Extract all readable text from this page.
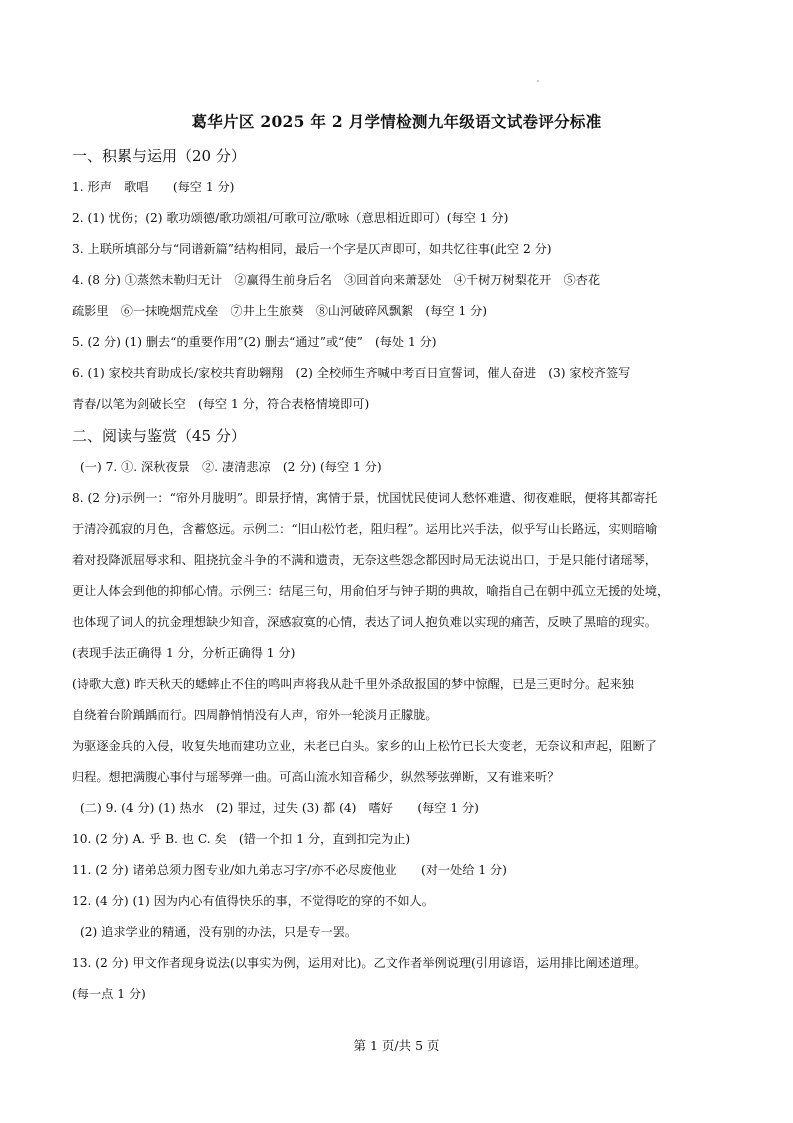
葛华片区 2025 年 2 月学情检测九年级语文试卷评分标准
一、积累与运用（20 分）
1. 形声　歌唱　　(每空 1 分)
2. (1) 忧伤；(2) 歌功颂德/歌功颂祖/可歌可泣/歌咏（意思相近即可）(每空 1 分)
3. 上联所填部分与“同谱新篇”结构相同，最后一个字是仄声即可，如共忆往事(此空 2 分)
4. (8 分) ①蒸然未勒归无计　②赢得生前身后名　③回首向来萧瑟处　④千树万树梨花开　⑤杏花
疏影里　⑥一抹晚烟荒戍垒　⑦井上生旅葵　⑧山河破碎风飘絮　(每空 1 分)
5. (2 分) (1) 删去“的重要作用”(2) 删去“通过”或“使”　(每处 1 分)
6. (1) 家校共育助成长/家校共育助翱翔　(2) 全校师生齐喊中考百日宣誓词，催人奋进　(3) 家校齐签写
青春/以笔为剑破长空　(每空 1 分，符合表格情境即可)
二、阅读与鉴赏（45 分）
(一) 7. ①. 深秋夜景　②. 凄清悲凉　(2 分) (每空 1 分)
8. (2 分)示例一：“帘外月胧明”。即景抒情，寓情于景，忧国忧民使词人愁怀难遣、彻夜难眠，便将其都寄托
于清冷孤寂的月色，含蓄悠远。示例二：“旧山松竹老，阻归程”。运用比兴手法，似乎写山长路远，实则暗喻
着对投降派屈辱求和、阻挠抗金斗争的不满和遗责，无奈这些怨念都因时局无法说出口，于是只能付诸瑶琴，
更让人体会到他的抑郁心情。示例三：结尾三句，用俞伯牙与钟子期的典故，喻指自己在朝中孤立无援的处境，
也体现了词人的抗金理想缺少知音，深感寂寞的心情，表达了词人抱负难以实现的痛苦，反映了黑暗的现实。
(表现手法正确得 1 分，分析正确得 1 分)
(诗歌大意) 昨天秋天的蟋蟀止不住的鸣叫声将我从赴千里外杀敌报国的梦中惊醒，已是三更时分。起来独
自绕着台阶踽踽而行。四周静悄悄没有人声，帘外一轮淡月正朦胧。
为驱逐金兵的入侵，收复失地而建功立业，未老已白头。家乡的山上松竹已长大变老，无奈议和声起，阻断了
归程。想把满腹心事付与瑶琴弹一曲。可高山流水知音稀少，纵然琴弦弹断，又有谁来听？
(二) 9. (4 分) (1) 热水　(2) 罪过，过失 (3) 都 (4)　嗜好　　(每空 1 分)
10. (2 分) A. 乎 B. 也 C. 矣　(错一个扣 1 分，直到扣完为止)
11. (2 分) 诸弟总须力图专业/如九弟志习字/亦不必尽废他业　　(对一处给 1 分)
12. (4 分) (1) 因为内心有值得快乐的事，不觉得吃的穿的不如人。
(2) 追求学业的精通，没有别的办法，只是专一罢。
13. (2 分) 甲文作者现身说法(以事实为例，运用对比)。乙文作者举例说理(引用谚语，运用排比阐述道理。
(每一点 1 分)
第 1 页/共 5 页
